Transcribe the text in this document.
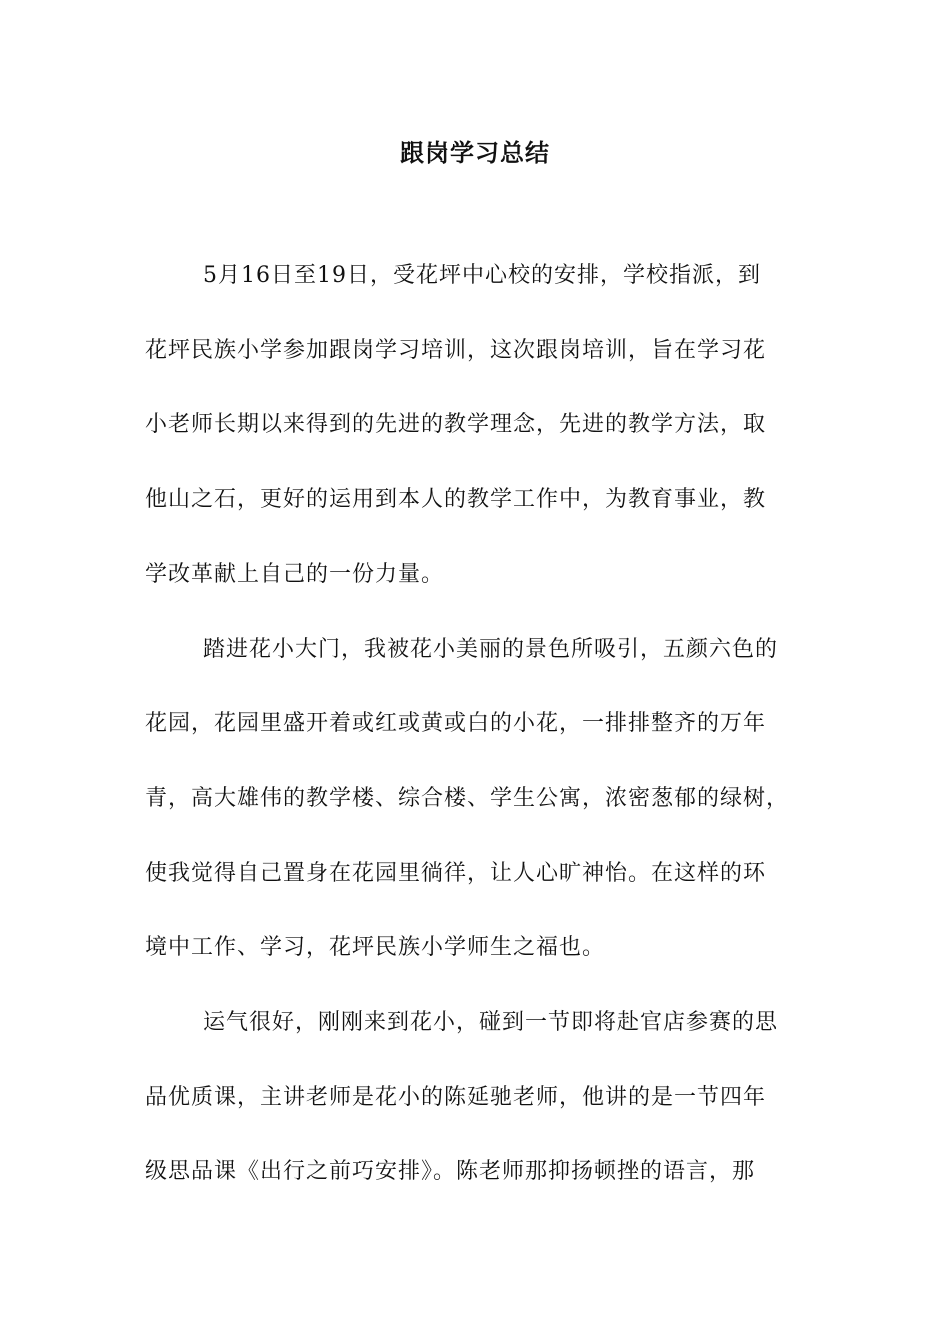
跟岗学习总结
5月16日至19日，受花坪中心校的安排，学校指派，到
花坪民族小学参加跟岗学习培训，这次跟岗培训，旨在学习花
小老师长期以来得到的先进的教学理念，先进的教学方法，取
他山之石，更好的运用到本人的教学工作中，为教育事业，教
学改革献上自己的一份力量。
踏进花小大门，我被花小美丽的景色所吸引，五颜六色的
花园，花园里盛开着或红或黄或白的小花，一排排整齐的万年
青，高大雄伟的教学楼、综合楼、学生公寓，浓密葱郁的绿树，
使我觉得自己置身在花园里徜徉，让人心旷神怡。在这样的环
境中工作、学习，花坪民族小学师生之福也。
运气很好，刚刚来到花小，碰到一节即将赴官店参赛的思
品优质课，主讲老师是花小的陈延驰老师，他讲的是一节四年
级思品课《出行之前巧安排》。陈老师那抑扬顿挫的语言，那
